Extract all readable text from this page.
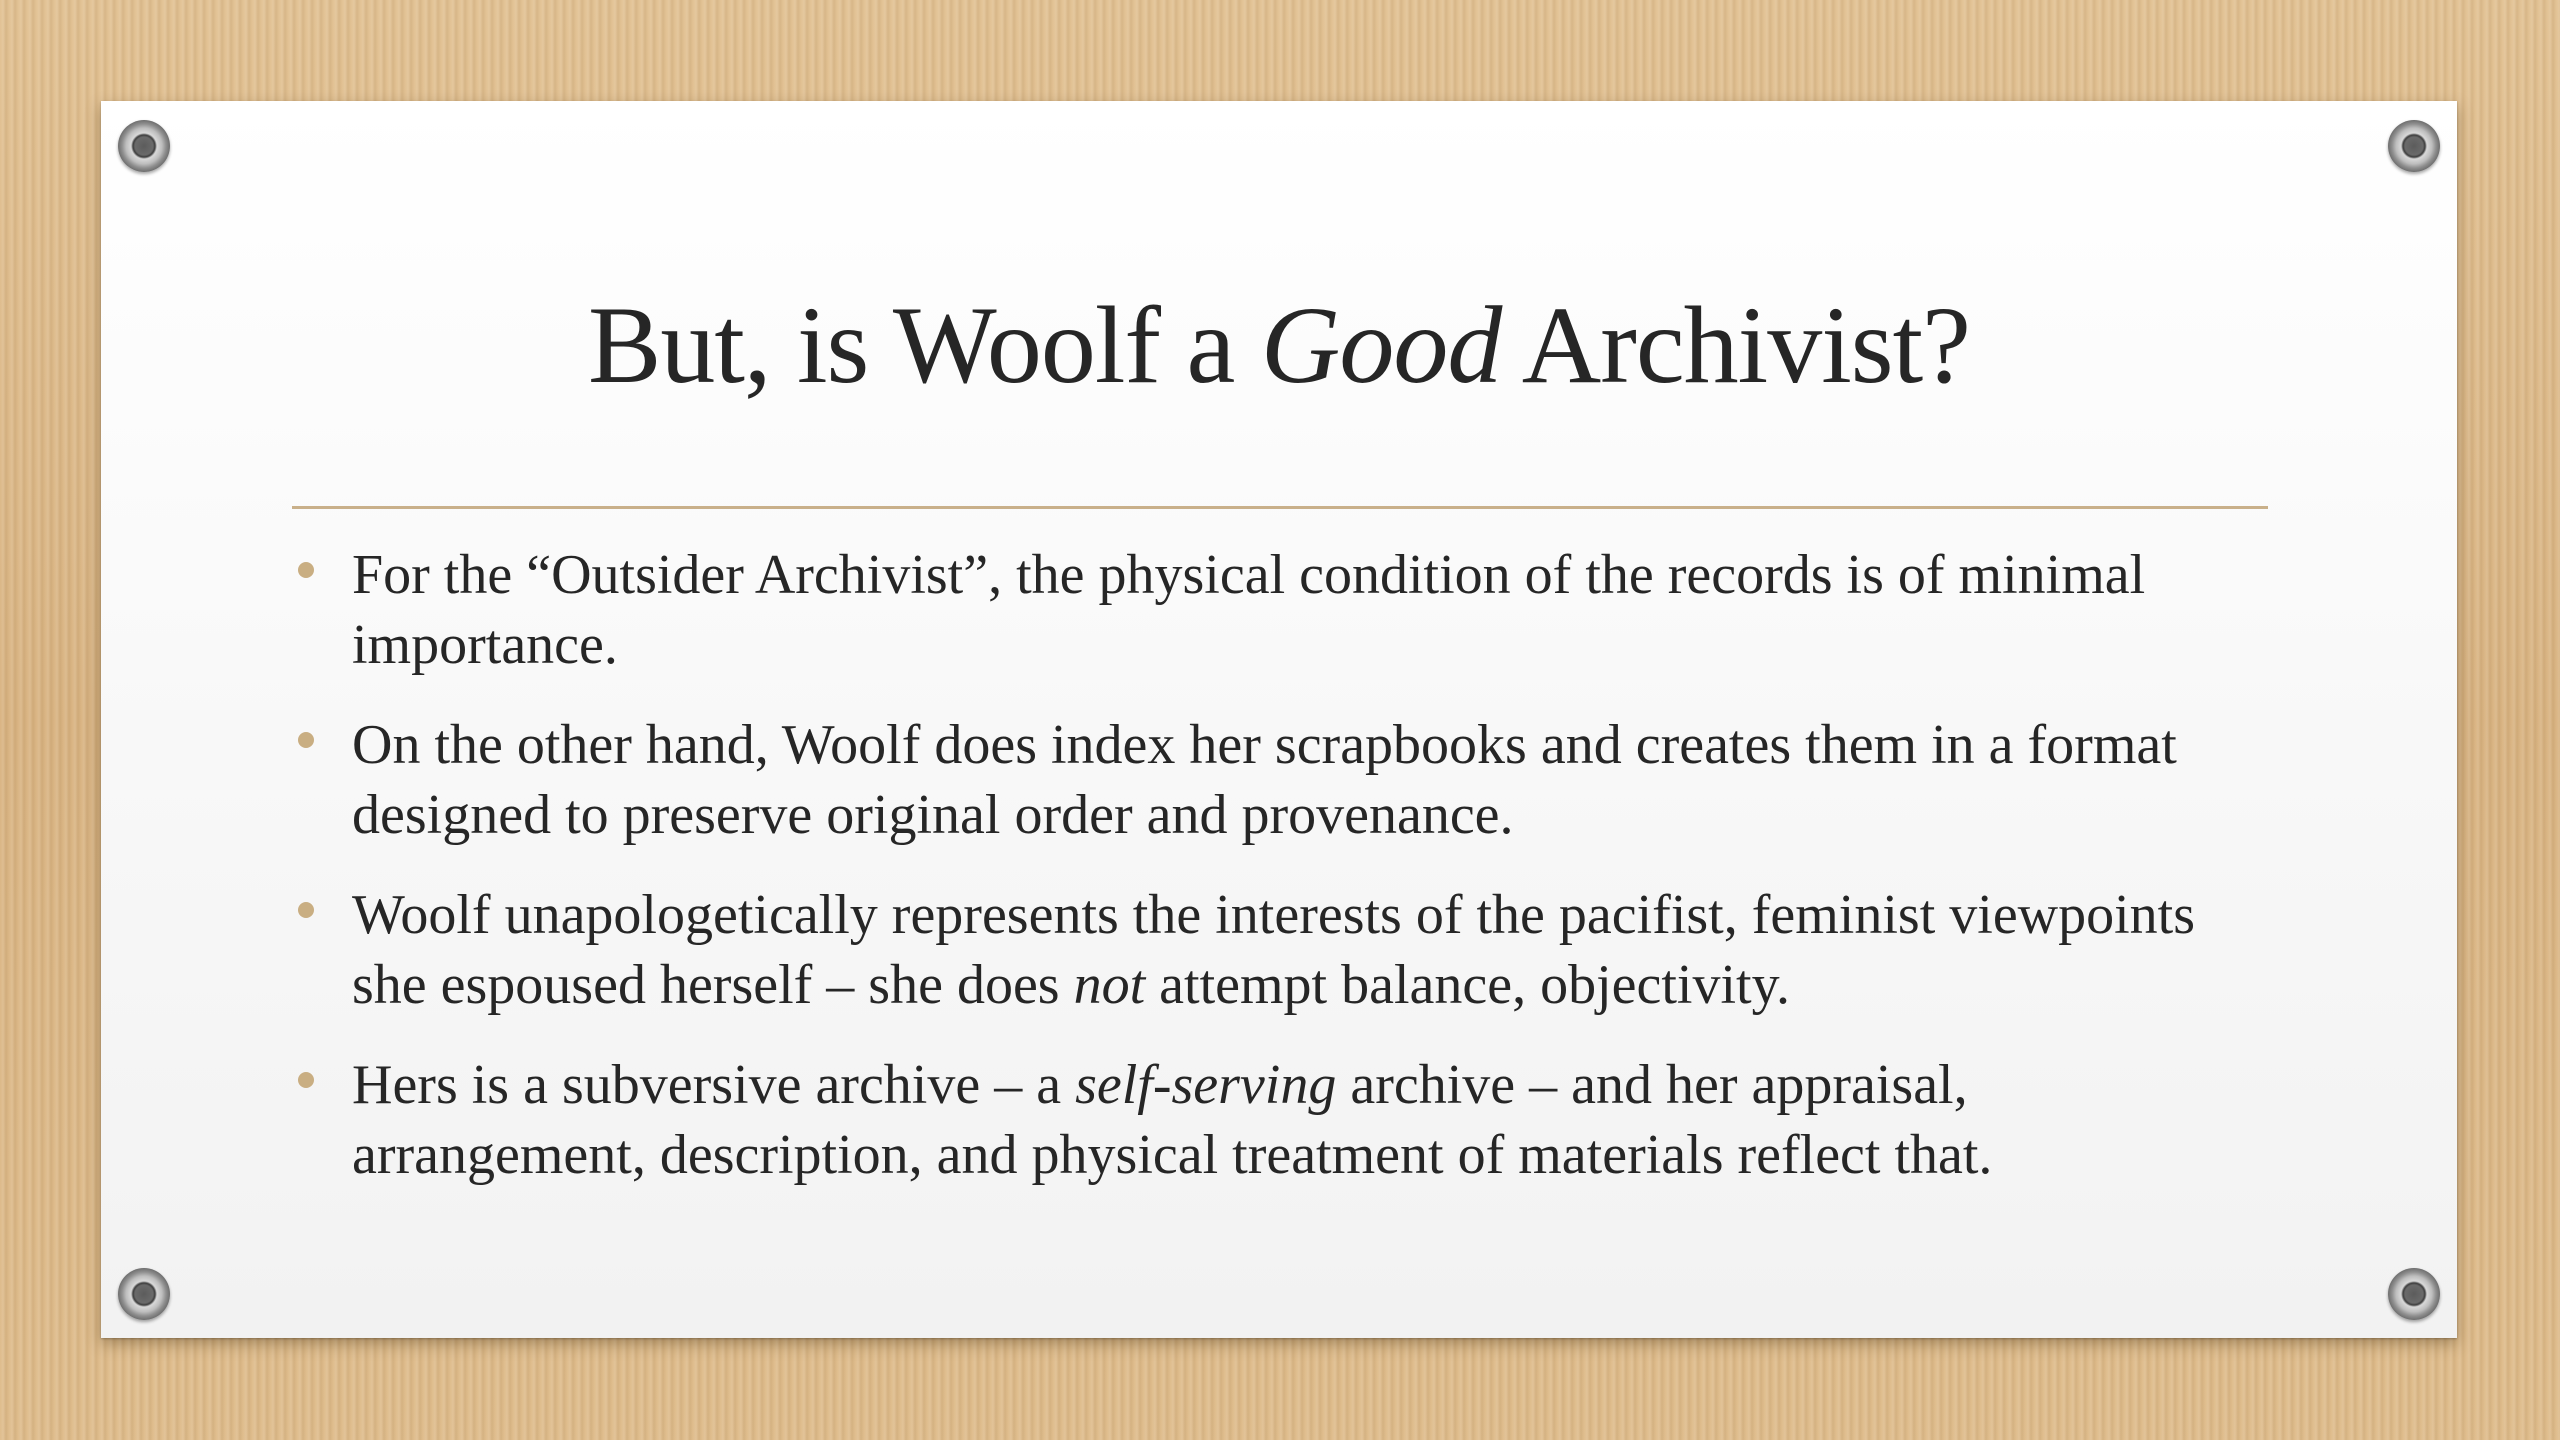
But, is Woolf a Good Archivist?
For the “Outsider Archivist”, the physical condition of the records is of minimal importance.
On the other hand, Woolf does index her scrapbooks and creates them in a format designed to preserve original order and provenance.
Woolf unapologetically represents the interests of the pacifist, feminist viewpoints she espoused herself – she does not attempt balance, objectivity.
Hers is a subversive archive – a self-serving archive – and her appraisal, arrangement, description, and physical treatment of materials reflect that.
